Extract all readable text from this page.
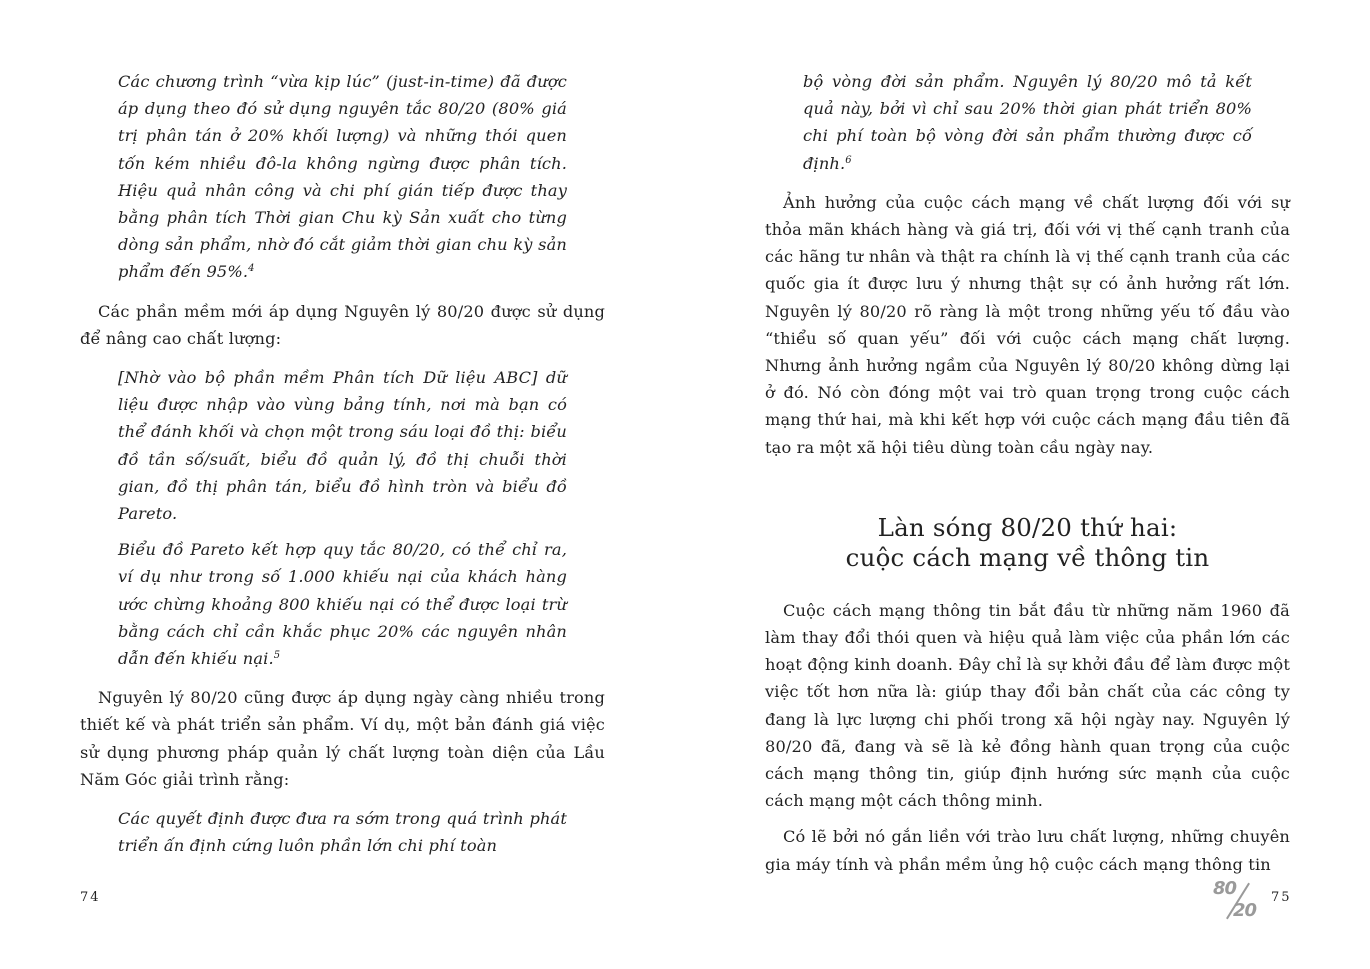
Các chương trình “vừa kịp lúc” (just-in-time) đã được áp dụng theo đó sử dụng nguyên tắc 80/20 (80% giá trị phân tán ở 20% khối lượng) và những thói quen tốn kém nhiều đô-la không ngừng được phân tích. Hiệu quả nhân công và chi phí gián tiếp được thay bằng phân tích Thời gian Chu kỳ Sản xuất cho từng dòng sản phẩm, nhờ đó cắt giảm thời gian chu kỳ sản phẩm đến 95%.$^4$

Các phần mềm mới áp dụng Nguyên lý 80/20 được sử dụng để nâng cao chất lượng:

[Nhờ vào bộ phần mềm Phân tích Dữ liệu ABC] dữ liệu được nhập vào vùng bảng tính, nơi mà bạn có thể đánh khối và chọn một trong sáu loại đồ thị: biểu đồ tần số/suất, biểu đồ quản lý, đồ thị chuỗi thời gian, đồ thị phân tán, biểu đồ hình tròn và biểu đồ Pareto.

Biểu đồ Pareto kết hợp quy tắc 80/20, có thể chỉ ra, ví dụ như trong số 1.000 khiếu nại của khách hàng ước chừng khoảng 800 khiếu nại có thể được loại trừ bằng cách chỉ cần khắc phục 20% các nguyên nhân dẫn đến khiếu nại.$^5$

Nguyên lý 80/20 cũng được áp dụng ngày càng nhiều trong thiết kế và phát triển sản phẩm. Ví dụ, một bản đánh giá việc sử dụng phương pháp quản lý chất lượng toàn diện của Lầu Năm Góc giải trình rằng:

Các quyết định được đưa ra sớm trong quá trình phát triển ấn định cứng luôn phần lớn chi phí toàn

74

bộ vòng đời sản phẩm. Nguyên lý 80/20 mô tả kết quả này, bởi vì chỉ sau 20% thời gian phát triển 80% chi phí toàn bộ vòng đời sản phẩm thường được cố định.$^6$

Ảnh hưởng của cuộc cách mạng về chất lượng đối với sự thỏa mãn khách hàng và giá trị, đối với vị thế cạnh tranh của các hãng tư nhân và thật ra chính là vị thế cạnh tranh của các quốc gia ít được lưu ý nhưng thật sự có ảnh hưởng rất lớn. Nguyên lý 80/20 rõ ràng là một trong những yếu tố đầu vào “thiểu số quan yếu” đối với cuộc cách mạng chất lượng. Nhưng ảnh hưởng ngầm của Nguyên lý 80/20 không dừng lại ở đó. Nó còn đóng một vai trò quan trọng trong cuộc cách mạng thứ hai, mà khi kết hợp với cuộc cách mạng đầu tiên đã tạo ra một xã hội tiêu dùng toàn cầu ngày nay.

Làn sóng 80/20 thứ hai:
cuộc cách mạng về thông tin

Cuộc cách mạng thông tin bắt đầu từ những năm 1960 đã làm thay đổi thói quen và hiệu quả làm việc của phần lớn các hoạt động kinh doanh. Đây chỉ là sự khởi đầu để làm được một việc tốt hơn nữa là: giúp thay đổi bản chất của các công ty đang là lực lượng chi phối trong xã hội ngày nay. Nguyên lý 80/20 đã, đang và sẽ là kẻ đồng hành quan trọng của cuộc cách mạng thông tin, giúp định hướng sức mạnh của cuộc cách mạng một cách thông minh.

Có lẽ bởi nó gắn liền với trào lưu chất lượng, những chuyên gia máy tính và phần mềm ủng hộ cuộc cách mạng thông tin

80
20
75
